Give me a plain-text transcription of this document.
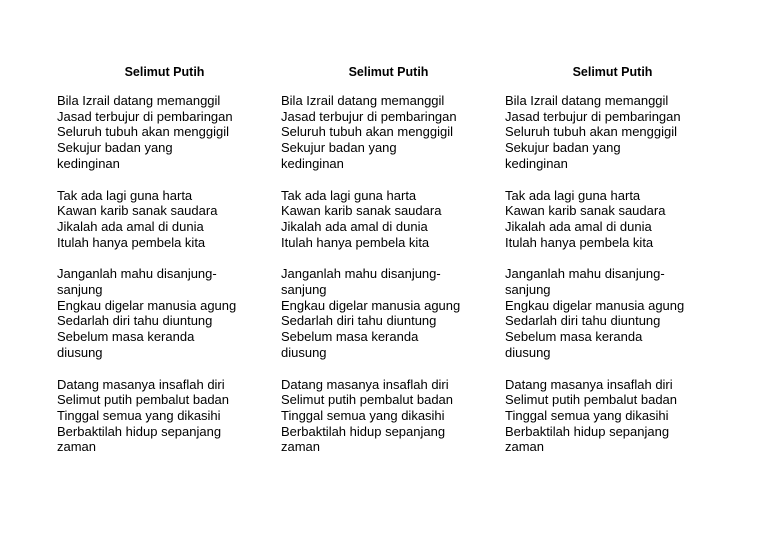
Selimut Putih
Bila Izrail datang memanggil
Jasad terbujur di pembaringan
Seluruh tubuh akan menggigil
Sekujur badan yang
kedinginan
Tak ada lagi guna harta
Kawan karib sanak saudara
Jikalah ada amal di dunia
Itulah hanya pembela kita
Janganlah mahu disanjung-
sanjung
Engkau digelar manusia agung
Sedarlah diri tahu diuntung
Sebelum masa keranda
diusung
Datang masanya insaflah diri
Selimut putih pembalut badan
Tinggal semua yang dikasihi
Berbaktilah hidup sepanjang
zaman
Selimut Putih
Bila Izrail datang memanggil
Jasad terbujur di pembaringan
Seluruh tubuh akan menggigil
Sekujur badan yang
kedinginan
Tak ada lagi guna harta
Kawan karib sanak saudara
Jikalah ada amal di dunia
Itulah hanya pembela kita
Janganlah mahu disanjung-
sanjung
Engkau digelar manusia agung
Sedarlah diri tahu diuntung
Sebelum masa keranda
diusung
Datang masanya insaflah diri
Selimut putih pembalut badan
Tinggal semua yang dikasihi
Berbaktilah hidup sepanjang
zaman
Selimut Putih
Bila Izrail datang memanggil
Jasad terbujur di pembaringan
Seluruh tubuh akan menggigil
Sekujur badan yang
kedinginan
Tak ada lagi guna harta
Kawan karib sanak saudara
Jikalah ada amal di dunia
Itulah hanya pembela kita
Janganlah mahu disanjung-
sanjung
Engkau digelar manusia agung
Sedarlah diri tahu diuntung
Sebelum masa keranda
diusung
Datang masanya insaflah diri
Selimut putih pembalut badan
Tinggal semua yang dikasihi
Berbaktilah hidup sepanjang
zaman
